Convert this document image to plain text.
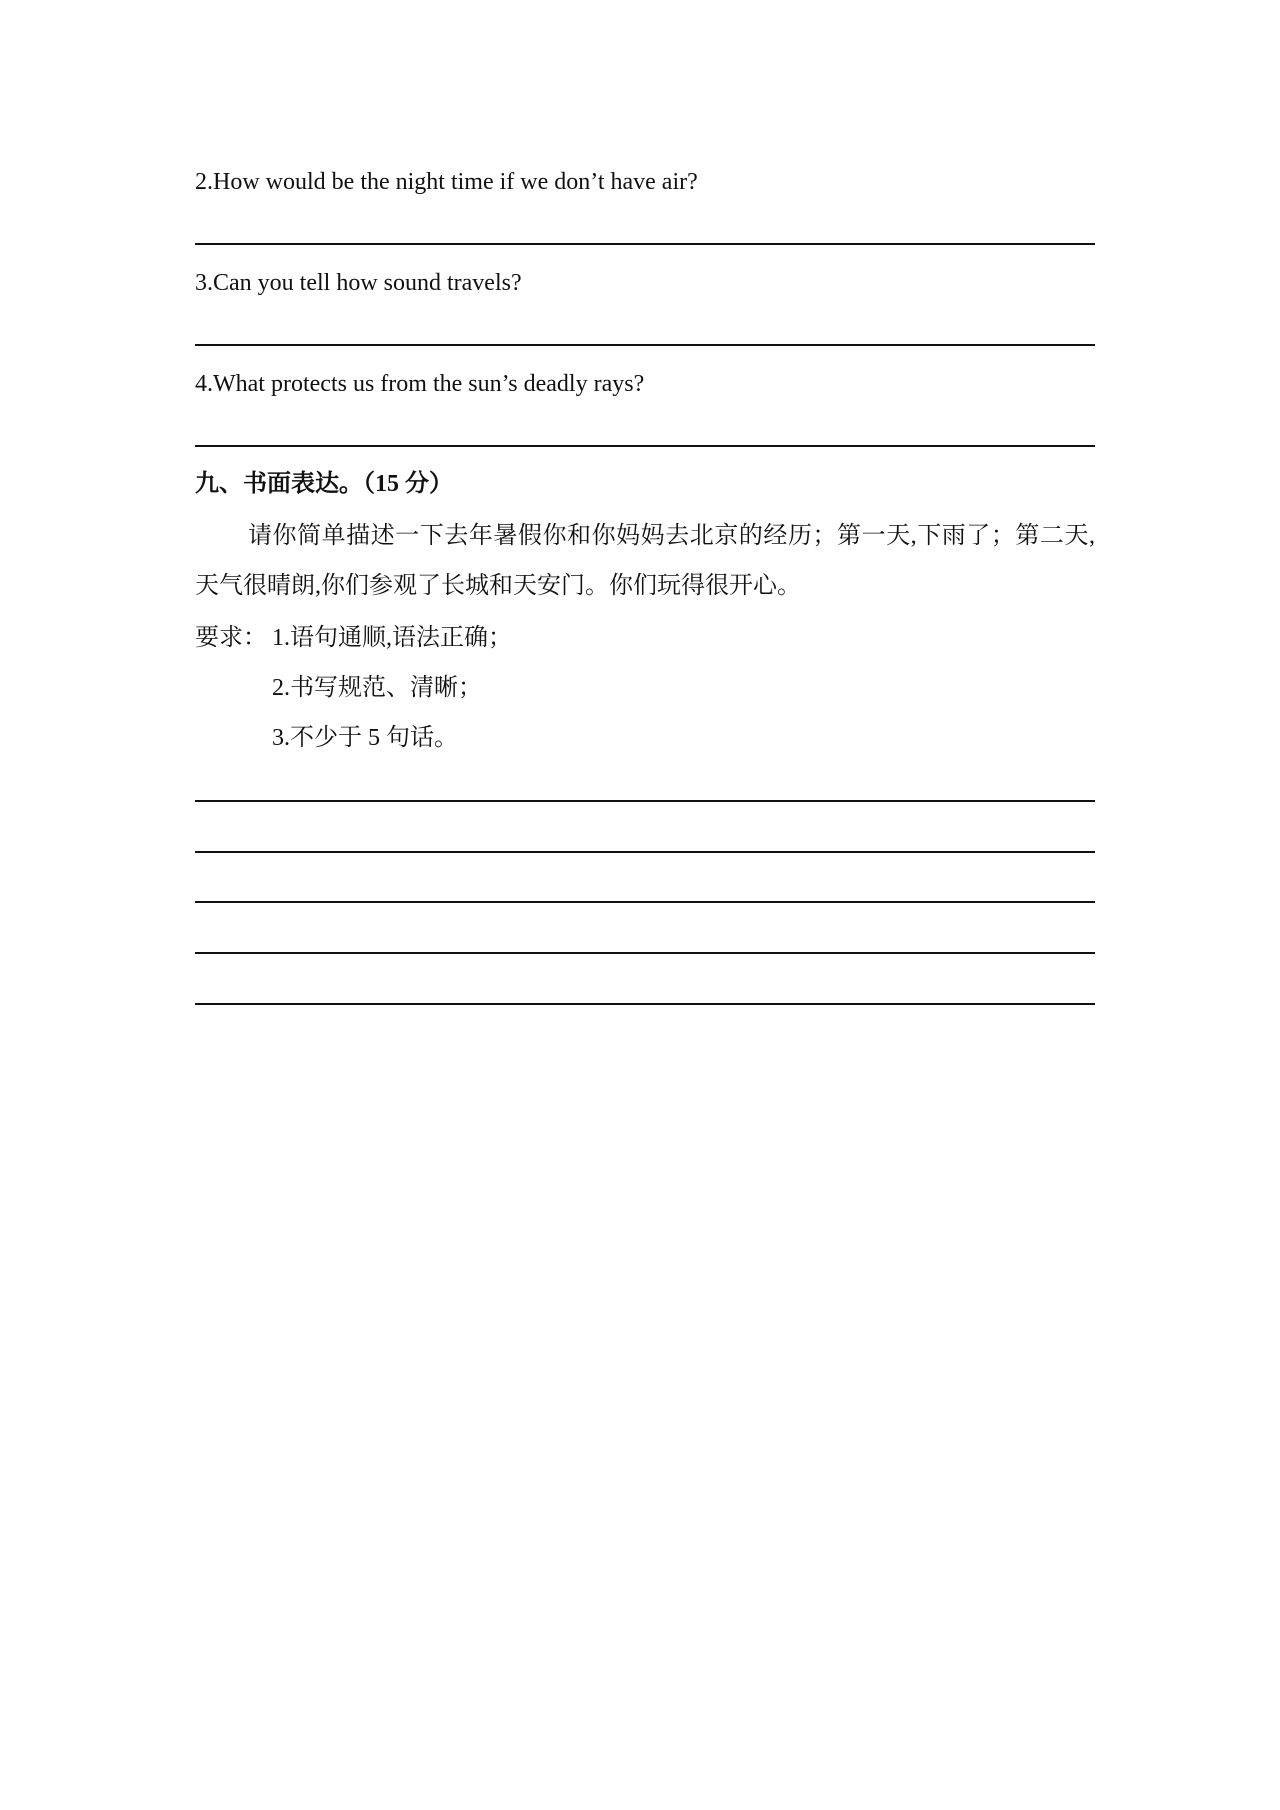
2.How would be the night time if we don’t have air?
3.Can you tell how sound travels?
4.What protects us from the sun’s deadly rays?
九、书面表达。（15 分）
请你简单描述一下去年暑假你和你妈妈去北京的经历；第一天,下雨了；第二天,天气很晴朗,你们参观了长城和天安门。你们玩得很开心。
要求： 1.语句通顺,语法正确；
2.书写规范、清晰；
3.不少于 5 句话。
